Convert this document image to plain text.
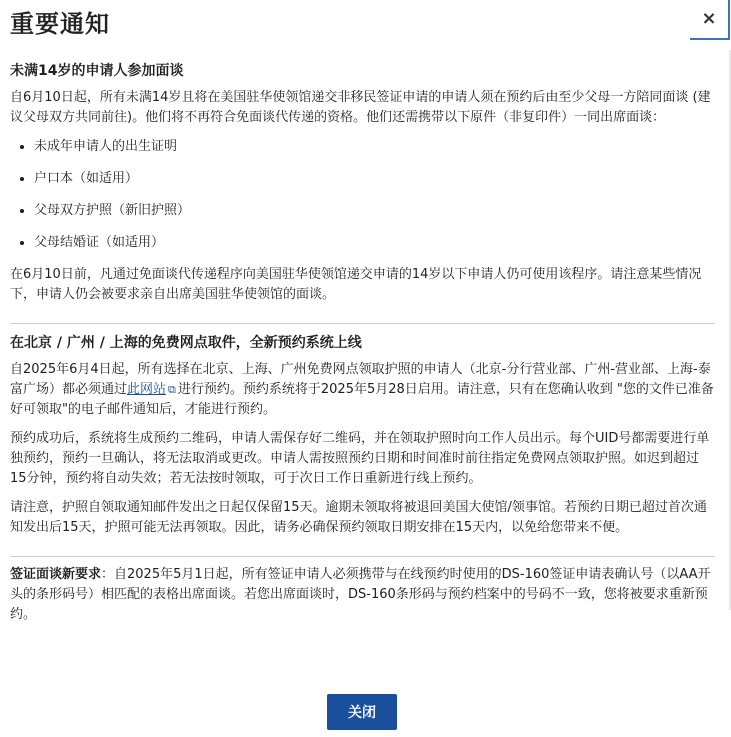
重要通知	×
未满14岁的申请人参加面谈

自6月10日起，所有未满14岁且将在美国驻华使领馆递交非移民签证申请的申请人须在预约后由至少父母一方陪同面谈 (建议父母双方共同前往)。他们将不再符合免面谈代传递的资格。他们还需携带以下原件（非复印件）一同出席面谈：

• 未成年申请人的出生证明
• 户口本（如适用）
• 父母双方护照（新旧护照）
• 父母结婚证（如适用）

在6月10日前，凡通过免面谈代传递程序向美国驻华使领馆递交申请的14岁以下申请人仍可使用该程序。请注意某些情况下，申请人仍会被要求亲自出席美国驻华使领馆的面谈。

在北京 / 广州 / 上海的免费网点取件，全新预约系统上线

自2025年6月4日起，所有选择在北京、上海、广州免费网点领取护照的申请人（北京-分行营业部、广州-营业部、上海-泰富广场）都必须通过此网站 ⧉ 进行预约。预约系统将于2025年5月28日启用。请注意，只有在您确认收到 "您的文件已准备好可领取"的电子邮件通知后，才能进行预约。

预约成功后，系统将生成预约二维码，申请人需保存好二维码，并在领取护照时向工作人员出示。每个UID号都需要进行单独预约，预约一旦确认，将无法取消或更改。申请人需按照预约日期和时间准时前往指定免费网点领取护照。如迟到超过15分钟，预约将自动失效；若无法按时领取，可于次日工作日重新进行线上预约。

请注意，护照自领取通知邮件发出之日起仅保留15天。逾期未领取将被退回美国大使馆/领事馆。若预约日期已超过首次通知发出后15天，护照可能无法再领取。因此，请务必确保预约领取日期安排在15天内，以免给您带来不便。

签证面谈新要求：自2025年5月1日起，所有签证申请人必须携带与在线预约时使用的DS-160签证申请表确认号（以AA开头的条形码号）相匹配的表格出席面谈。若您出席面谈时，DS-160条形码与预约档案中的号码不一致，您将被要求重新预约。

关闭
